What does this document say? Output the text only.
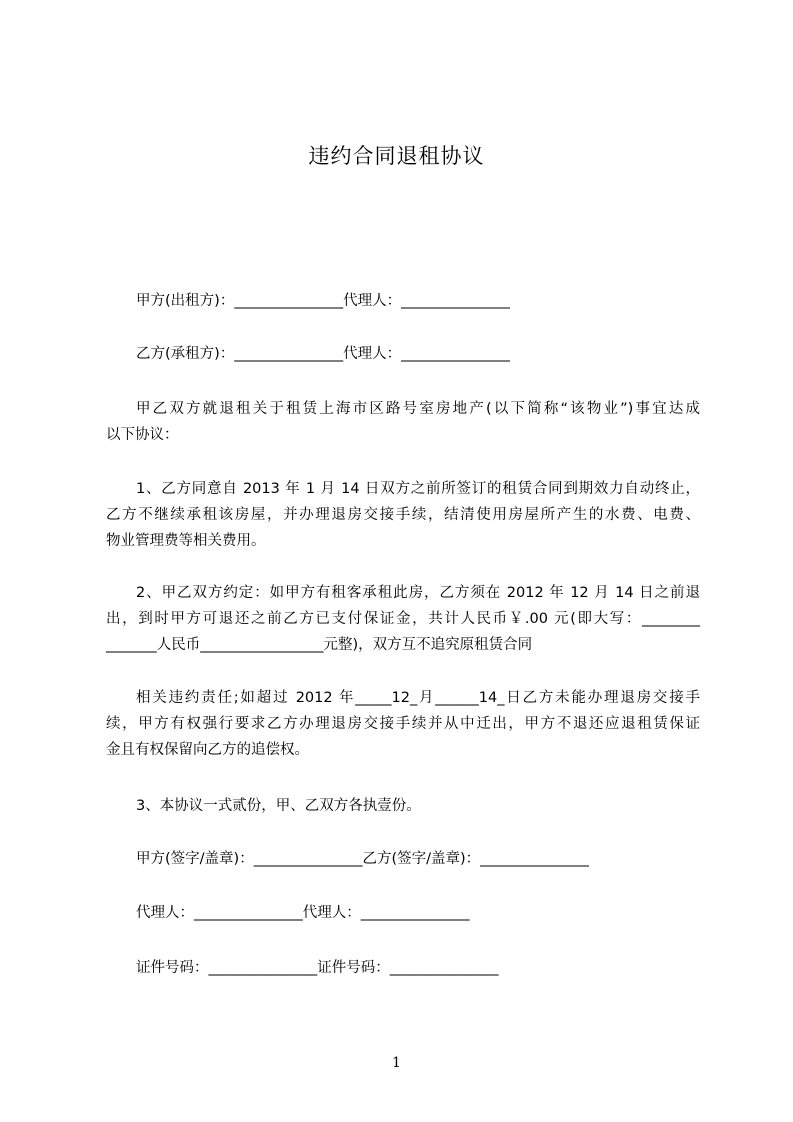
违约合同退租协议
甲方(出租方)：_______________代理人：_______________
乙方(承租方)：_______________代理人：_______________
甲乙双方就退租关于租赁上海市区路号室房地产(以下简称“该物业”)事宜达成
以下协议：
1、乙方同意自 2013 年 1 月 14 日双方之前所签订的租赁合同到期效力自动终止，
乙方不继续承租该房屋，并办理退房交接手续，结清使用房屋所产生的水费、电费、
物业管理费等相关费用。
2、甲乙双方约定：如甲方有租客承租此房，乙方须在 2012 年 12 月 14 日之前退
出，到时甲方可退还之前乙方已支付保证金，共计人民币￥.00 元(即大写：________
_______人民币_________________元整)，双方互不追究原租赁合同
相关违约责任;如超过 2012 年_____12_月______14_日乙方未能办理退房交接手
续，甲方有权强行要求乙方办理退房交接手续并从中迁出，甲方不退还应退租赁保证
金且有权保留向乙方的追偿权。
3、本协议一式贰份，甲、乙双方各执壹份。
甲方(签字/盖章)：_______________乙方(签字/盖章)：_______________
代理人：_______________代理人：_______________
证件号码：_______________证件号码：_______________
1
